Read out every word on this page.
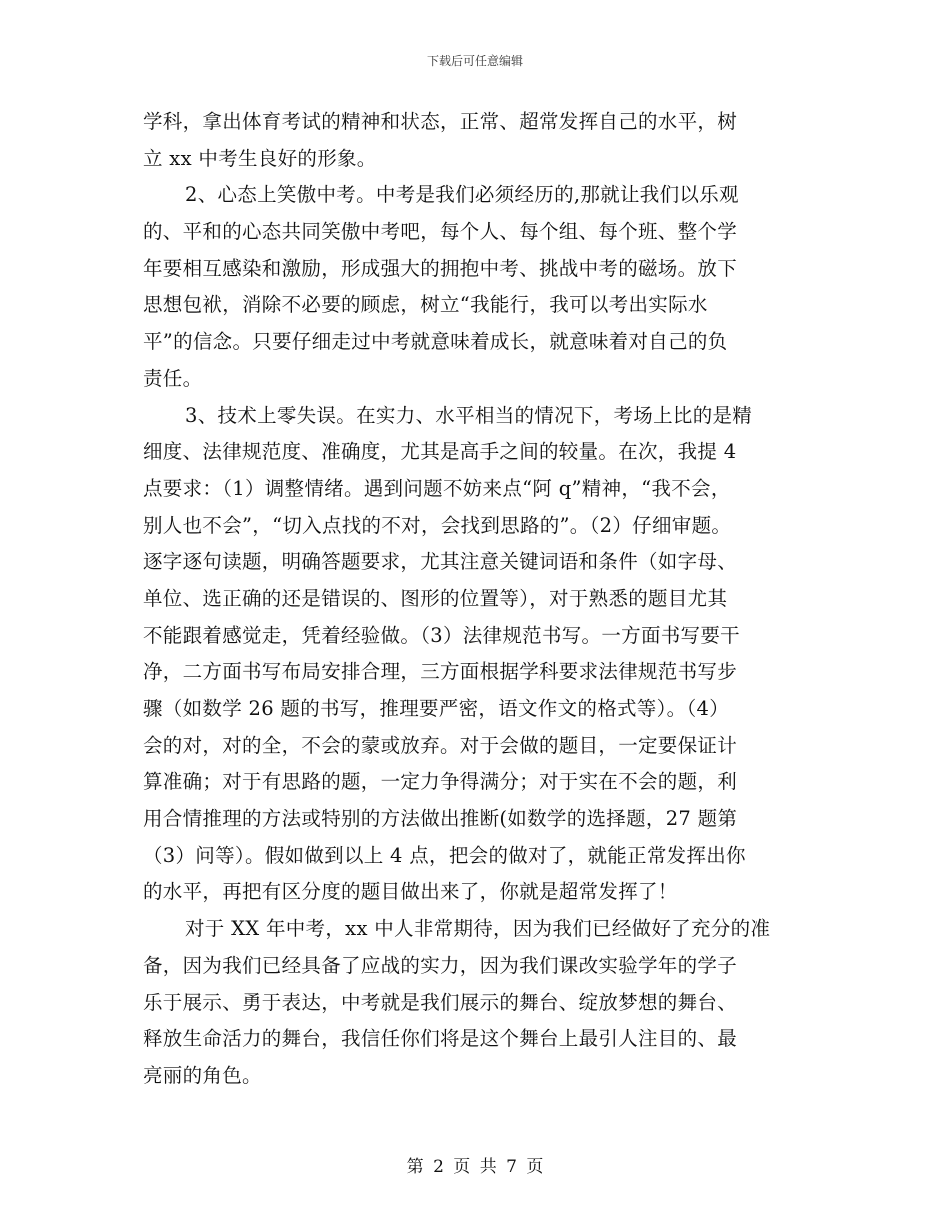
下载后可任意编辑
学科，拿出体育考试的精神和状态，正常、超常发挥自己的水平，树
立 xx 中考生良好的形象。
2、心态上笑傲中考。中考是我们必须经历的,那就让我们以乐观
的、平和的心态共同笑傲中考吧，每个人、每个组、每个班、整个学
年要相互感染和激励，形成强大的拥抱中考、挑战中考的磁场。放下
思想包袱，消除不必要的顾虑，树立“我能行，我可以考出实际水
平”的信念。只要仔细走过中考就意味着成长，就意味着对自己的负
责任。
3、技术上零失误。在实力、水平相当的情况下，考场上比的是精
细度、法律规范度、准确度，尤其是高手之间的较量。在次，我提 4
点要求：（1）调整情绪。遇到问题不妨来点“阿 q”精神，“我不会，
别人也不会”，“切入点找的不对，会找到思路的”。（2）仔细审题。
逐字逐句读题，明确答题要求，尤其注意关键词语和条件（如字母、
单位、选正确的还是错误的、图形的位置等），对于熟悉的题目尤其
不能跟着感觉走，凭着经验做。（3）法律规范书写。一方面书写要干
净，二方面书写布局安排合理，三方面根据学科要求法律规范书写步
骤（如数学 26 题的书写，推理要严密，语文作文的格式等）。（4）
会的对，对的全，不会的蒙或放弃。对于会做的题目，一定要保证计
算准确；对于有思路的题，一定力争得满分；对于实在不会的题，利
用合情推理的方法或特别的方法做出推断(如数学的选择题，27 题第
（3）问等）。假如做到以上 4 点，把会的做对了，就能正常发挥出你
的水平，再把有区分度的题目做出来了，你就是超常发挥了！
对于 XX 年中考，xx 中人非常期待，因为我们已经做好了充分的准
备，因为我们已经具备了应战的实力，因为我们课改实验学年的学子
乐于展示、勇于表达，中考就是我们展示的舞台、绽放梦想的舞台、
释放生命活力的舞台，我信任你们将是这个舞台上最引人注目的、最
亮丽的角色。
第 2 页 共 7 页
